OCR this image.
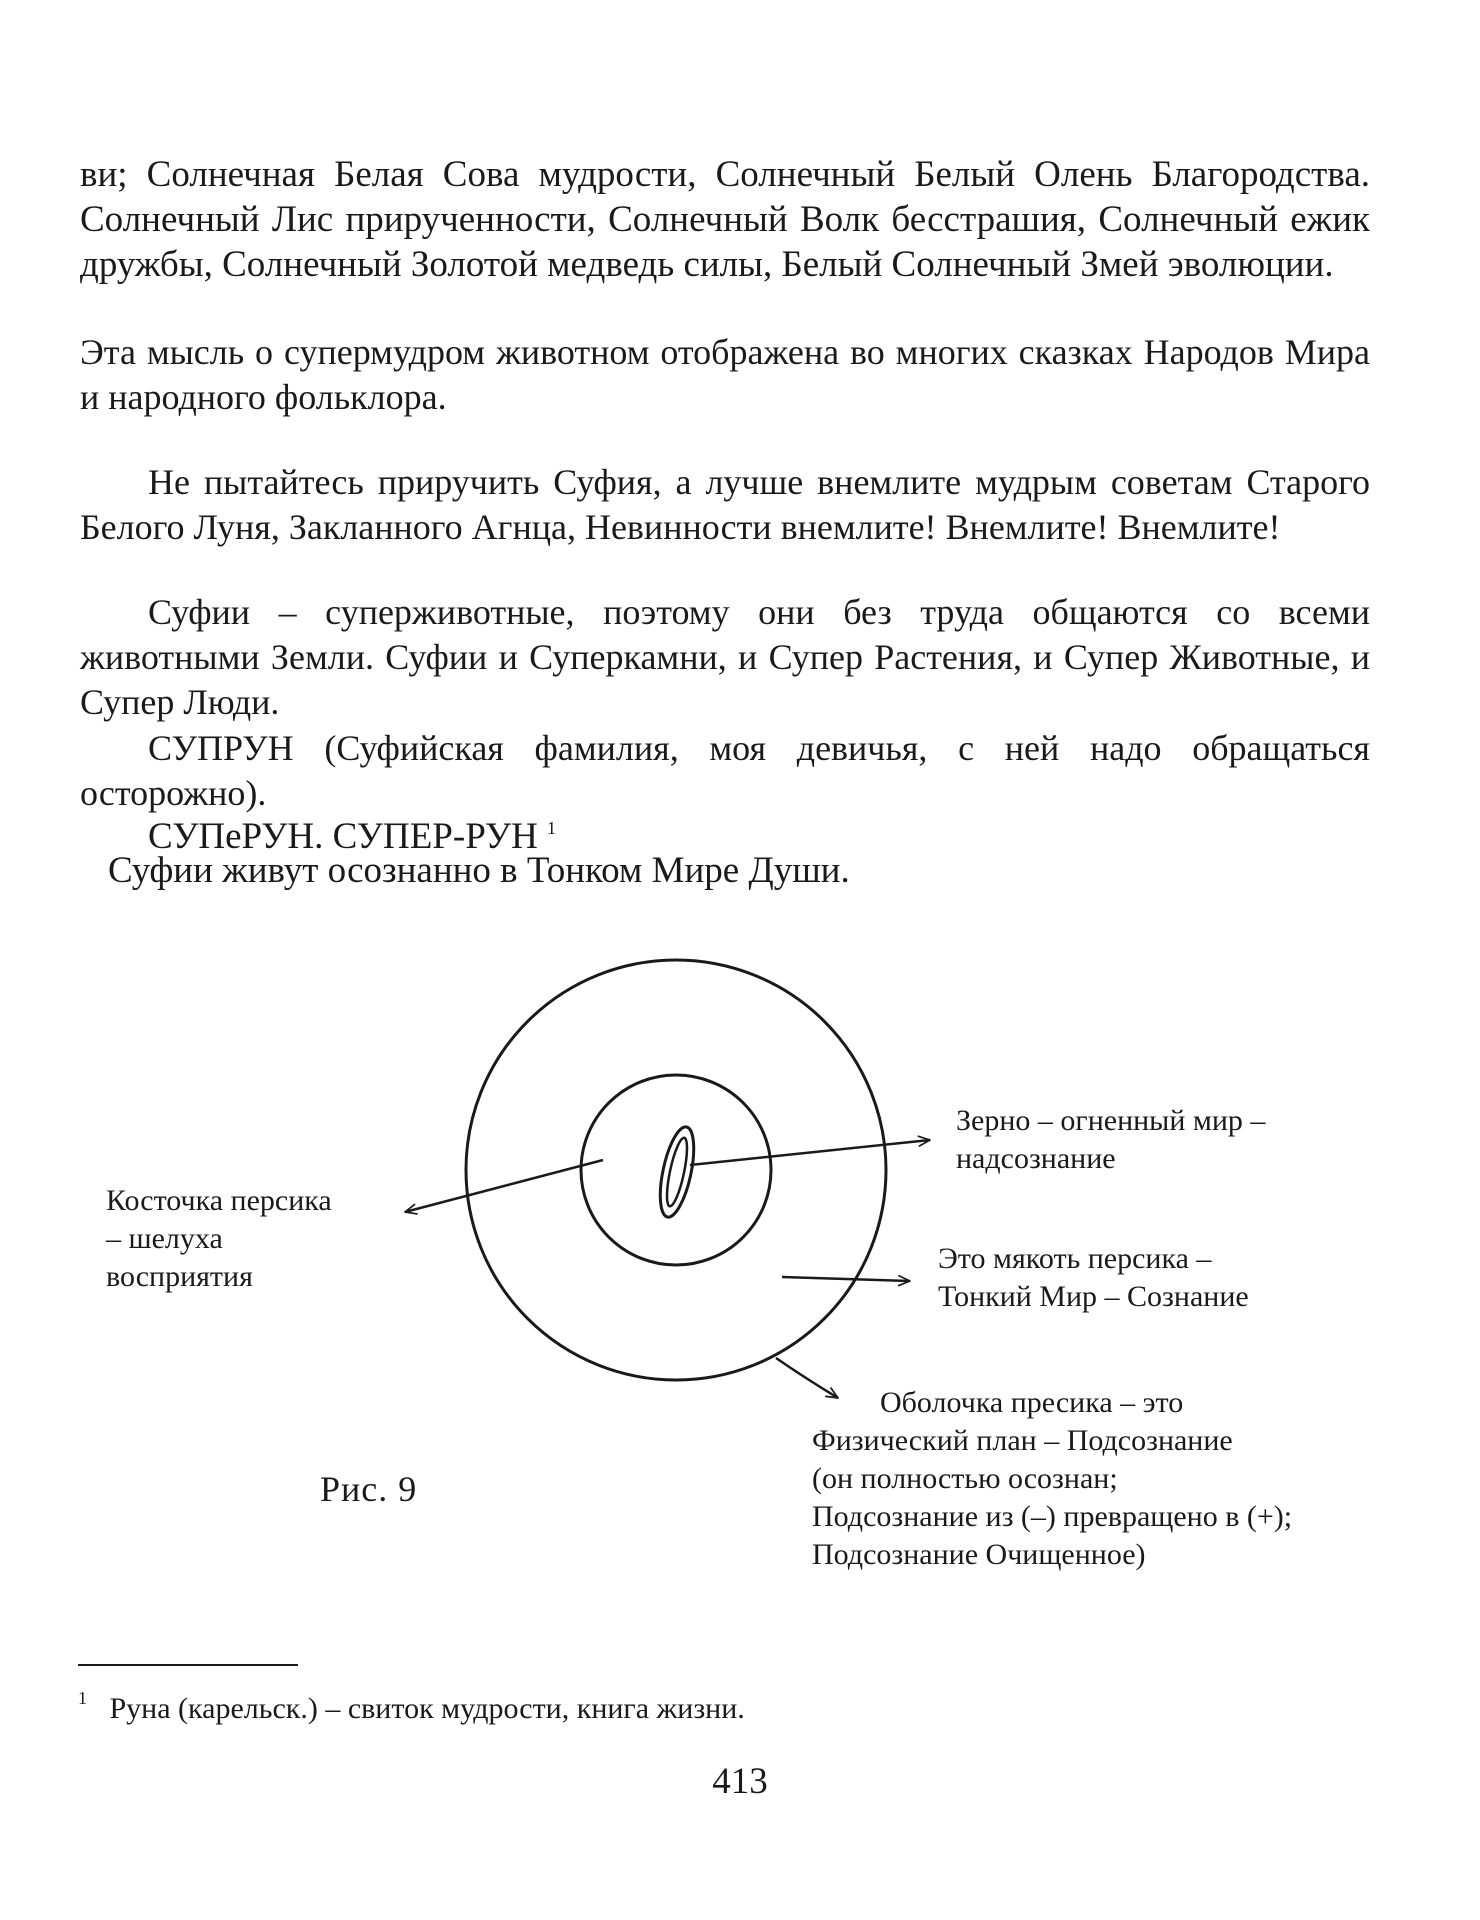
ви; Солнечная Белая Сова мудрости, Солнечный Белый Олень Благородства. Солнечный Лис прирученности, Солнечный Волк бесстрашия, Солнечный ежик дружбы, Солнечный Золотой медведь силы, Белый Солнечный Змей эволюции.

Эта мысль о супермудром животном отображена во многих сказках Народов Мира и народного фольклора.

Не пытайтесь приручить Суфия, а лучше внемлите мудрым советам Старого Белого Луня, Закланного Агнца, Невинности внемлите! Внемлите! Внемлите!

Суфии – суперживотные, поэтому они без труда общаются со всеми животными Земли. Суфии и Суперкамни, и Супер Растения, и Супер Животные, и Супер Люди.

СУПРУН (Суфийская фамилия, моя девичья, с ней надо обращаться осторожно).

СУПеРУН. СУПЕР-РУН $^1$

Суфии живут осознанно в Тонком Мире Души.

Косточка персика
– шелуха
восприятия
Зерно – огненный мир –
надсознание
Это мякоть персика –
Тонкий Мир – Сознание
Оболочка пресика – это
Физический план – Подсознание
(он полностью осознан;
Подсознание из (–) превращено в (+);
Подсознание Очищенное)
Рис. 9
$^1$ Руна (карельск.) – свиток мудрости, книга жизни.
413
